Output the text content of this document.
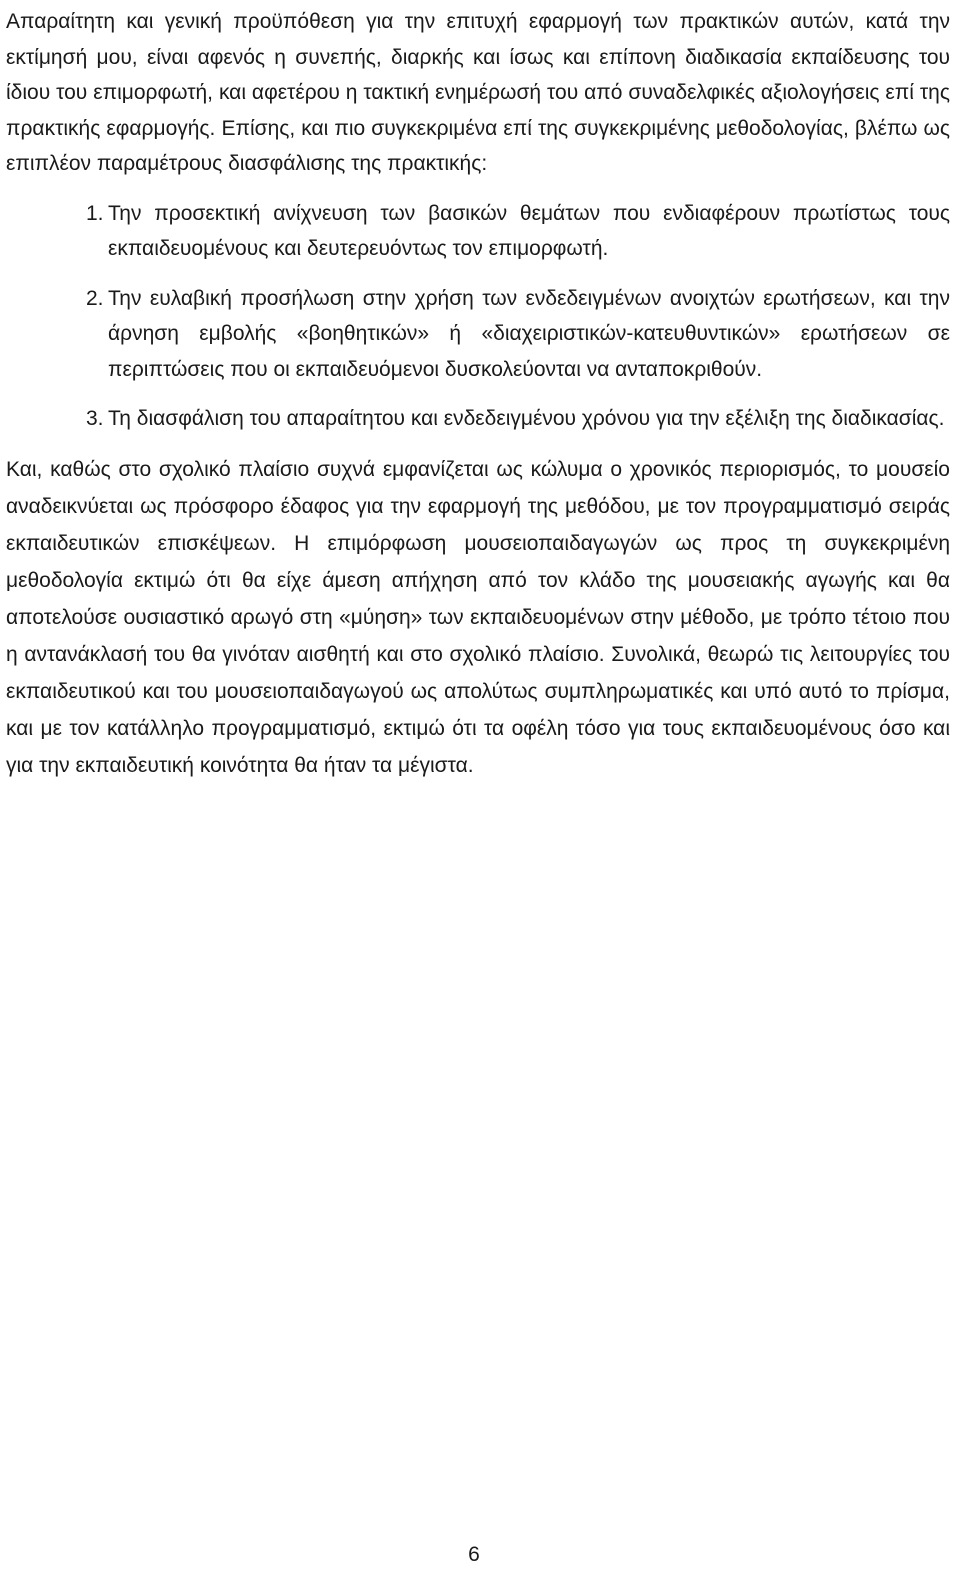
Απαραίτητη και γενική προϋπόθεση για την επιτυχή εφαρμογή των πρακτικών αυτών, κατά την εκτίμησή μου, είναι αφενός η συνεπής, διαρκής και ίσως και επίπονη διαδικασία εκπαίδευσης του ίδιου του επιμορφωτή, και αφετέρου η τακτική ενημέρωσή του από συναδελφικές αξιολογήσεις επί της πρακτικής εφαρμογής. Επίσης, και πιο συγκεκριμένα επί της συγκεκριμένης μεθοδολογίας, βλέπω ως επιπλέον παραμέτρους διασφάλισης της πρακτικής:

1. Την προσεκτική ανίχνευση των βασικών θεμάτων που ενδιαφέρουν πρωτίστως τους εκπαιδευομένους και δευτερευόντως τον επιμορφωτή.
2. Την ευλαβική προσήλωση στην χρήση των ενδεδειγμένων ανοιχτών ερωτήσεων, και την άρνηση εμβολής «βοηθητικών» ή «διαχειριστικών-κατευθυντικών» ερωτήσεων σε περιπτώσεις που οι εκπαιδευόμενοι δυσκολεύονται να ανταποκριθούν.
3. Τη διασφάλιση του απαραίτητου και ενδεδειγμένου χρόνου για την εξέλιξη της διαδικασίας.

Και, καθώς στο σχολικό πλαίσιο συχνά εμφανίζεται ως κώλυμα ο χρονικός περιορισμός, το μουσείο αναδεικνύεται ως πρόσφορο έδαφος για την εφαρμογή της μεθόδου, με τον προγραμματισμό σειράς εκπαιδευτικών επισκέψεων. Η επιμόρφωση μουσειοπαιδαγωγών ως προς τη συγκεκριμένη μεθοδολογία εκτιμώ ότι θα είχε άμεση απήχηση από τον κλάδο της μουσειακής αγωγής και θα αποτελούσε ουσιαστικό αρωγό στη «μύηση» των εκπαιδευομένων στην μέθοδο, με τρόπο τέτοιο που η αντανάκλασή του θα γινόταν αισθητή και στο σχολικό πλαίσιο. Συνολικά, θεωρώ τις λειτουργίες του εκπαιδευτικού και του μουσειοπαιδαγωγού ως απολύτως συμπληρωματικές και υπό αυτό το πρίσμα, και με τον κατάλληλο προγραμματισμό, εκτιμώ ότι τα οφέλη τόσο για τους εκπαιδευομένους όσο και για την εκπαιδευτική κοινότητα θα ήταν τα μέγιστα.

6
